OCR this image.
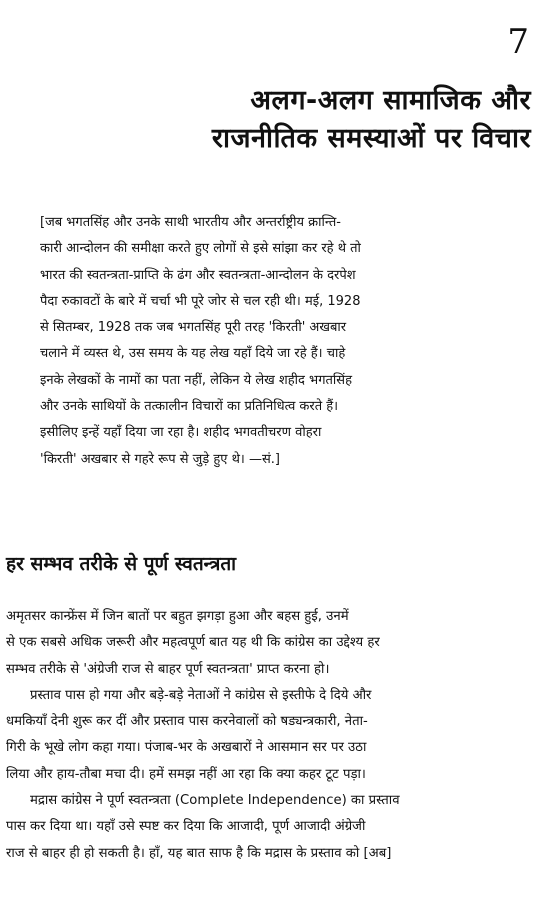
7
अलग-अलग सामाजिक और
राजनीतिक समस्याओं पर विचार

[जब भगतसिंह और उनके साथी भारतीय और अन्तर्राष्ट्रीय क्रान्ति-
कारी आन्दोलन की समीक्षा करते हुए लोगों से इसे सांझा कर रहे थे तो
भारत की स्वतन्त्रता-प्राप्ति के ढंग और स्वतन्त्रता-आन्दोलन के दरपेश
पैदा रुकावटों के बारे में चर्चा भी पूरे जोर से चल रही थी। मई, 1928
से सितम्बर, 1928 तक जब भगतसिंह पूरी तरह 'किरती' अखबार
चलाने में व्यस्त थे, उस समय के यह लेख यहाँ दिये जा रहे हैं। चाहे
इनके लेखकों के नामों का पता नहीं, लेकिन ये लेख शहीद भगतसिंह
और उनके साथियों के तत्कालीन विचारों का प्रतिनिधित्व करते हैं।
इसीलिए इन्हें यहाँ दिया जा रहा है। शहीद भगवतीचरण वोहरा
'किरती' अखबार से गहरे रूप से जुड़े हुए थे। —सं.]

हर सम्भव तरीके से पूर्ण स्वतन्त्रता

अमृतसर कान्फ्रेंस में जिन बातों पर बहुत झगड़ा हुआ और बहस हुई, उनमें
से एक सबसे अधिक जरूरी और महत्वपूर्ण बात यह थी कि कांग्रेस का उद्देश्य हर
सम्भव तरीके से 'अंग्रेजी राज से बाहर पूर्ण स्वतन्त्रता' प्राप्त करना हो।
प्रस्ताव पास हो गया और बड़े-बड़े नेताओं ने कांग्रेस से इस्तीफे दे दिये और
धमकियाँ देनी शुरू कर दीं और प्रस्ताव पास करनेवालों को षड्यन्त्रकारी, नेता-
गिरी के भूखे लोग कहा गया। पंजाब-भर के अखबारों ने आसमान सर पर उठा
लिया और हाय-तौबा मचा दी। हमें समझ नहीं आ रहा कि क्या कहर टूट पड़ा।
मद्रास कांग्रेस ने पूर्ण स्वतन्त्रता (Complete Independence) का प्रस्ताव
पास कर दिया था। यहाँ उसे स्पष्ट कर दिया कि आजादी, पूर्ण आजादी अंग्रेजी
राज से बाहर ही हो सकती है। हाँ, यह बात साफ है कि मद्रास के प्रस्ताव को [अब]
